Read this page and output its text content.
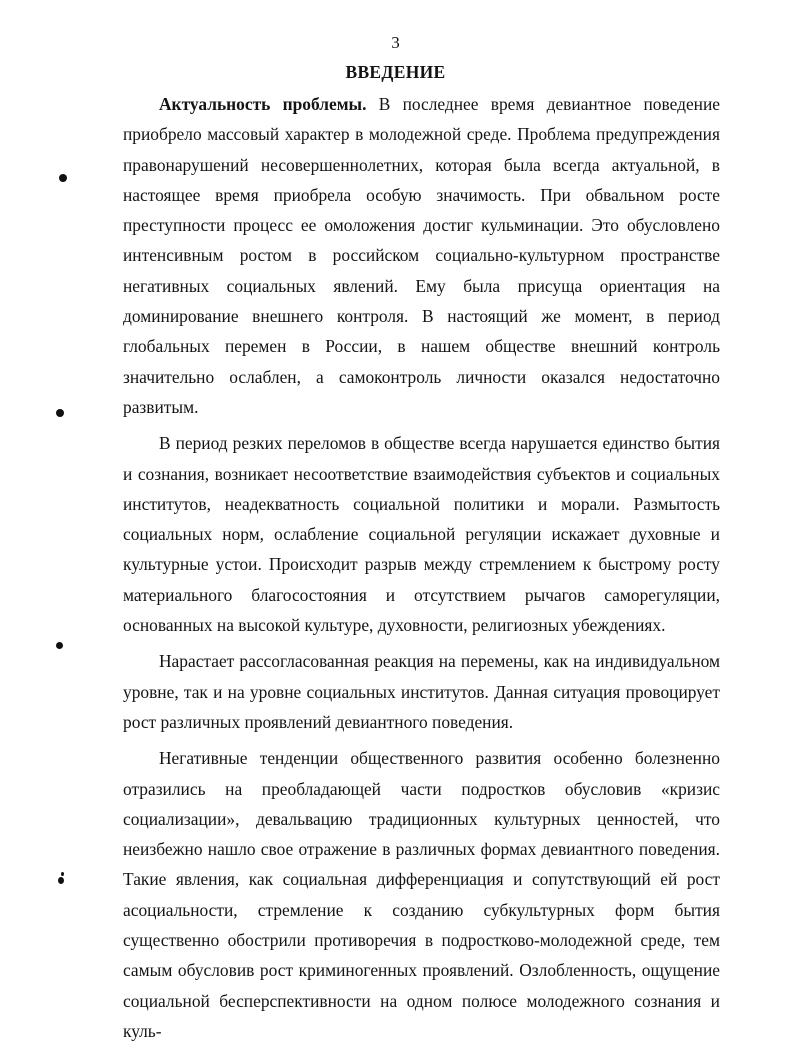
3
ВВЕДЕНИЕ

Актуальность проблемы. В последнее время девиантное поведение приобрело массовый характер в молодежной среде. Проблема предупреждения правонарушений несовершеннолетних, которая была всегда актуальной, в настоящее время приобрела особую значимость. При обвальном росте преступности процесс ее омоложения достиг кульминации. Это обусловлено интенсивным ростом в российском социально-культурном пространстве негативных социальных явлений. Ему была присуща ориентация на доминирование внешнего контроля. В настоящий же момент, в период глобальных перемен в России, в нашем обществе внешний контроль значительно ослаблен, а самоконтроль личности оказался недостаточно развитым.

В период резких переломов в обществе всегда нарушается единство бытия и сознания, возникает несоответствие взаимодействия субъектов и социальных институтов, неадекватность социальной политики и морали. Размытость социальных норм, ослабление социальной регуляции искажает духовные и культурные устои. Происходит разрыв между стремлением к быстрому росту материального благосостояния и отсутствием рычагов саморегуляции, основанных на высокой культуре, духовности, религиозных убеждениях.

Нарастает рассогласованная реакция на перемены, как на индивидуальном уровне, так и на уровне социальных институтов. Данная ситуация провоцирует рост различных проявлений девиантного поведения.

Негативные тенденции общественного развития особенно болезненно отразились на преобладающей части подростков обусловив «кризис социализации», девальвацию традиционных культурных ценностей, что неизбежно нашло свое отражение в различных формах девиантного поведения. Такие явления, как социальная дифференциация и сопутствующий ей рост асоциальности, стремление к созданию субкультурных форм бытия существенно обострили противоречия в подростково-молодежной среде, тем самым обусловив рост криминогенных проявлений. Озлобленность, ощущение социальной бесперспективности на одном полюсе молодежного сознания и куль-
